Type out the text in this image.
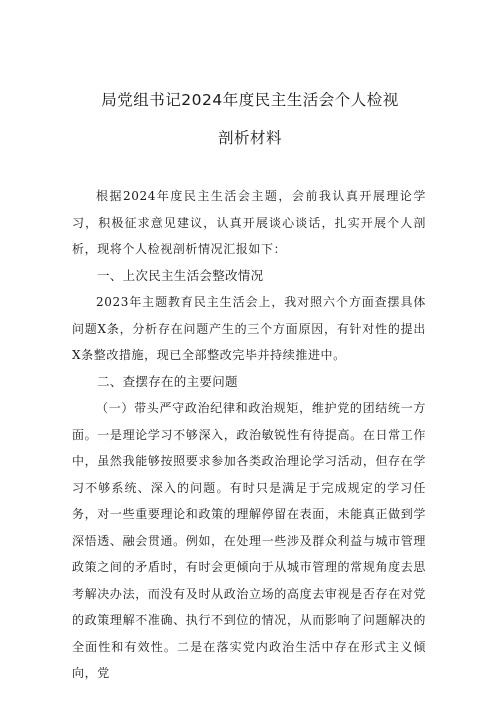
局党组书记2024年度民主生活会个人检视
剖析材料

根据2024年度民主生活会主题，会前我认真开展理论学习，积极征求意见建议，认真开展谈心谈话，扎实开展个人剖析，现将个人检视剖析情况汇报如下：

一、上次民主生活会整改情况

2023年主题教育民主生活会上，我对照六个方面查摆具体问题X条，分析存在问题产生的三个方面原因，有针对性的提出X条整改措施，现已全部整改完毕并持续推进中。

二、查摆存在的主要问题

（一）带头严守政治纪律和政治规矩，维护党的团结统一方面。一是理论学习不够深入，政治敏锐性有待提高。在日常工作中，虽然我能够按照要求参加各类政治理论学习活动，但存在学习不够系统、深入的问题。有时只是满足于完成规定的学习任务，对一些重要理论和政策的理解停留在表面，未能真正做到学深悟透、融会贯通。例如，在处理一些涉及群众利益与城市管理政策之间的矛盾时，有时会更倾向于从城市管理的常规角度去思考解决办法，而没有及时从政治立场的高度去审视是否存在对党的政策理解不准确、执行不到位的情况，从而影响了问题解决的全面性和有效性。二是在落实党内政治生活中存在形式主义倾向，党
